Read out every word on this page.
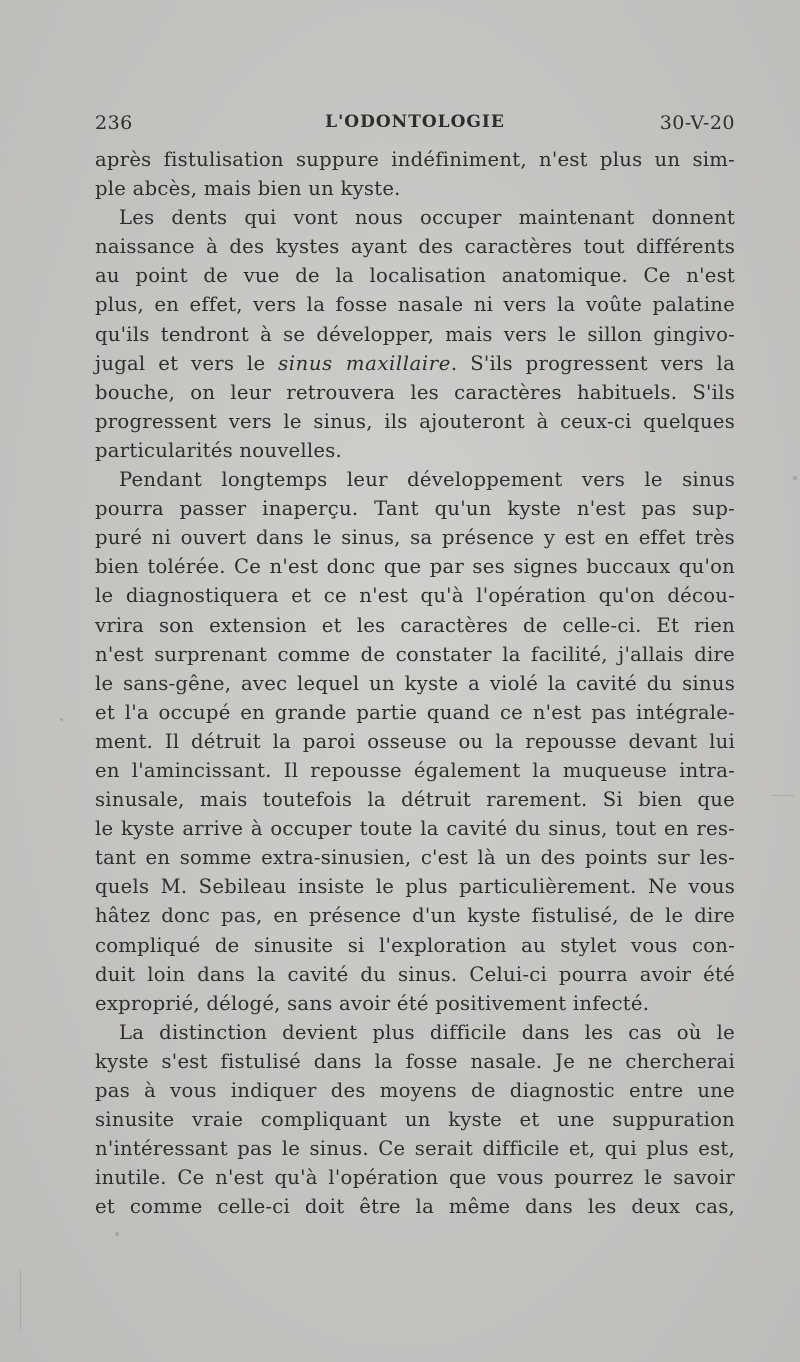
236	L'ODONTOLOGIE	30-V-20
après fistulisation suppure indéfiniment, n'est plus un sim-
ple abcès, mais bien un kyste.
Les dents qui vont nous occuper maintenant donnent
naissance à des kystes ayant des caractères tout différents
au point de vue de la localisation anatomique. Ce n'est
plus, en effet, vers la fosse nasale ni vers la voûte palatine
qu'ils tendront à se développer, mais vers le sillon gingivo-
jugal et vers le sinus maxillaire. S'ils progressent vers la
bouche, on leur retrouvera les caractères habituels. S'ils
progressent vers le sinus, ils ajouteront à ceux-ci quelques
particularités nouvelles.
Pendant longtemps leur développement vers le sinus
pourra passer inaperçu. Tant qu'un kyste n'est pas sup-
puré ni ouvert dans le sinus, sa présence y est en effet très
bien tolérée. Ce n'est donc que par ses signes buccaux qu'on
le diagnostiquera et ce n'est qu'à l'opération qu'on décou-
vrira son extension et les caractères de celle-ci. Et rien
n'est surprenant comme de constater la facilité, j'allais dire
le sans-gêne, avec lequel un kyste a violé la cavité du sinus
et l'a occupé en grande partie quand ce n'est pas intégrale-
ment. Il détruit la paroi osseuse ou la repousse devant lui
en l'amincissant. Il repousse également la muqueuse intra-
sinusale, mais toutefois la détruit rarement. Si bien que
le kyste arrive à occuper toute la cavité du sinus, tout en res-
tant en somme extra-sinusien, c'est là un des points sur les-
quels M. Sebileau insiste le plus particulièrement. Ne vous
hâtez donc pas, en présence d'un kyste fistulisé, de le dire
compliqué de sinusite si l'exploration au stylet vous con-
duit loin dans la cavité du sinus. Celui-ci pourra avoir été
exproprié, délogé, sans avoir été positivement infecté.
La distinction devient plus difficile dans les cas où le
kyste s'est fistulisé dans la fosse nasale. Je ne chercherai
pas à vous indiquer des moyens de diagnostic entre une
sinusite vraie compliquant un kyste et une suppuration
n'intéressant pas le sinus. Ce serait difficile et, qui plus est,
inutile. Ce n'est qu'à l'opération que vous pourrez le savoir
et comme celle-ci doit être la même dans les deux cas,
